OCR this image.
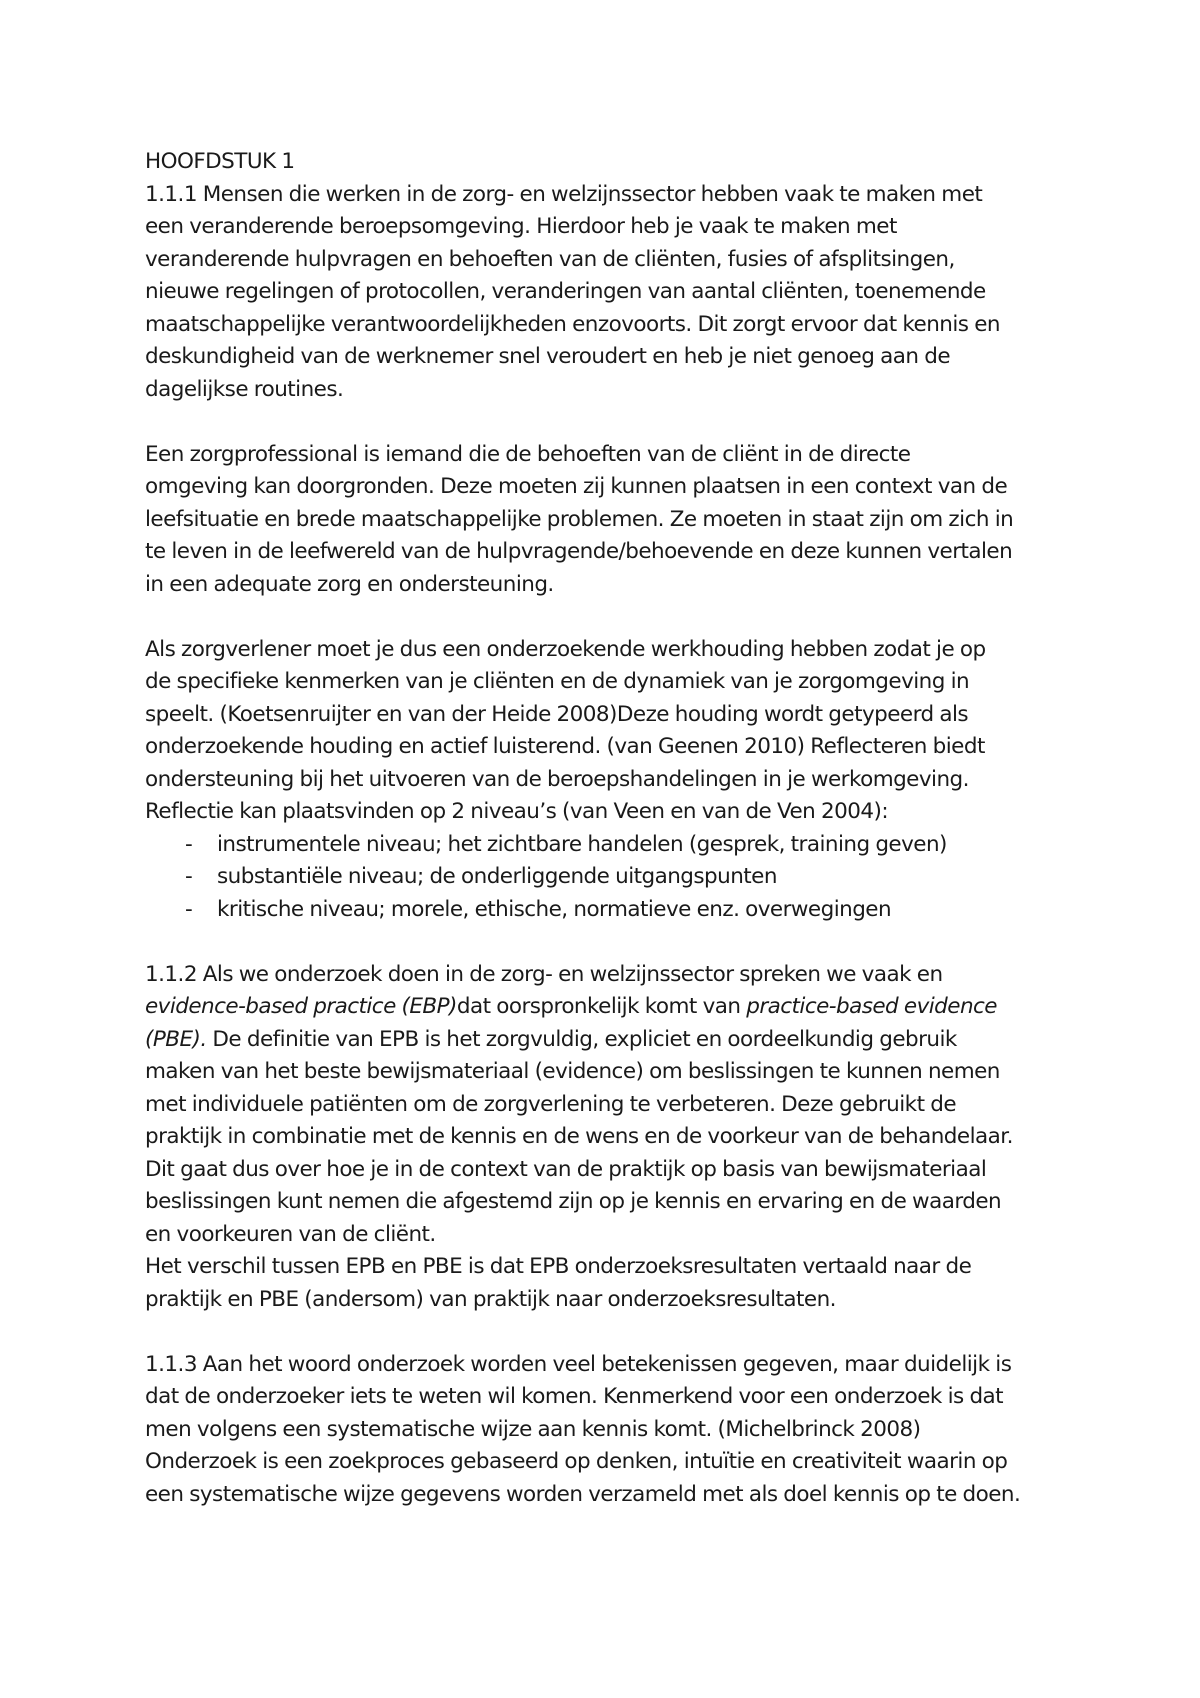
HOOFDSTUK 1
1.1.1 Mensen die werken in de zorg- en welzijnssector hebben vaak te maken met
een veranderende beroepsomgeving. Hierdoor heb je vaak te maken met
veranderende hulpvragen en behoeften van de cliënten, fusies of afsplitsingen,
nieuwe regelingen of protocollen, veranderingen van aantal cliënten, toenemende
maatschappelijke verantwoordelijkheden enzovoorts. Dit zorgt ervoor dat kennis en
deskundigheid van de werknemer snel veroudert en heb je niet genoeg aan de
dagelijkse routines.
Een zorgprofessional is iemand die de behoeften van de cliënt in de directe
omgeving kan doorgronden. Deze moeten zij kunnen plaatsen in een context van de
leefsituatie en brede maatschappelijke problemen. Ze moeten in staat zijn om zich in
te leven in de leefwereld van de hulpvragende/behoevende en deze kunnen vertalen
in een adequate zorg en ondersteuning.
Als zorgverlener moet je dus een onderzoekende werkhouding hebben zodat je op
de specifieke kenmerken van je cliënten en de dynamiek van je zorgomgeving in
speelt. (Koetsenruijter en van der Heide 2008)Deze houding wordt getypeerd als
onderzoekende houding en actief luisterend. (van Geenen 2010) Reflecteren biedt
ondersteuning bij het uitvoeren van de beroepshandelingen in je werkomgeving.
Reflectie kan plaatsvinden op 2 niveau’s (van Veen en van de Ven 2004):
- instrumentele niveau; het zichtbare handelen (gesprek, training geven)
- substantiële niveau; de onderliggende uitgangspunten
- kritische niveau; morele, ethische, normatieve enz. overwegingen
1.1.2 Als we onderzoek doen in de zorg- en welzijnssector spreken we vaak en
evidence-based practice (EBP)dat oorspronkelijk komt van practice-based evidence
(PBE). De definitie van EPB is het zorgvuldig, expliciet en oordeelkundig gebruik
maken van het beste bewijsmateriaal (evidence) om beslissingen te kunnen nemen
met individuele patiënten om de zorgverlening te verbeteren. Deze gebruikt de
praktijk in combinatie met de kennis en de wens en de voorkeur van de behandelaar.
Dit gaat dus over hoe je in de context van de praktijk op basis van bewijsmateriaal
beslissingen kunt nemen die afgestemd zijn op je kennis en ervaring en de waarden
en voorkeuren van de cliënt.
Het verschil tussen EPB en PBE is dat EPB onderzoeksresultaten vertaald naar de
praktijk en PBE (andersom) van praktijk naar onderzoeksresultaten.
1.1.3 Aan het woord onderzoek worden veel betekenissen gegeven, maar duidelijk is
dat de onderzoeker iets te weten wil komen. Kenmerkend voor een onderzoek is dat
men volgens een systematische wijze aan kennis komt. (Michelbrinck 2008)
Onderzoek is een zoekproces gebaseerd op denken, intuïtie en creativiteit waarin op
een systematische wijze gegevens worden verzameld met als doel kennis op te doen.
